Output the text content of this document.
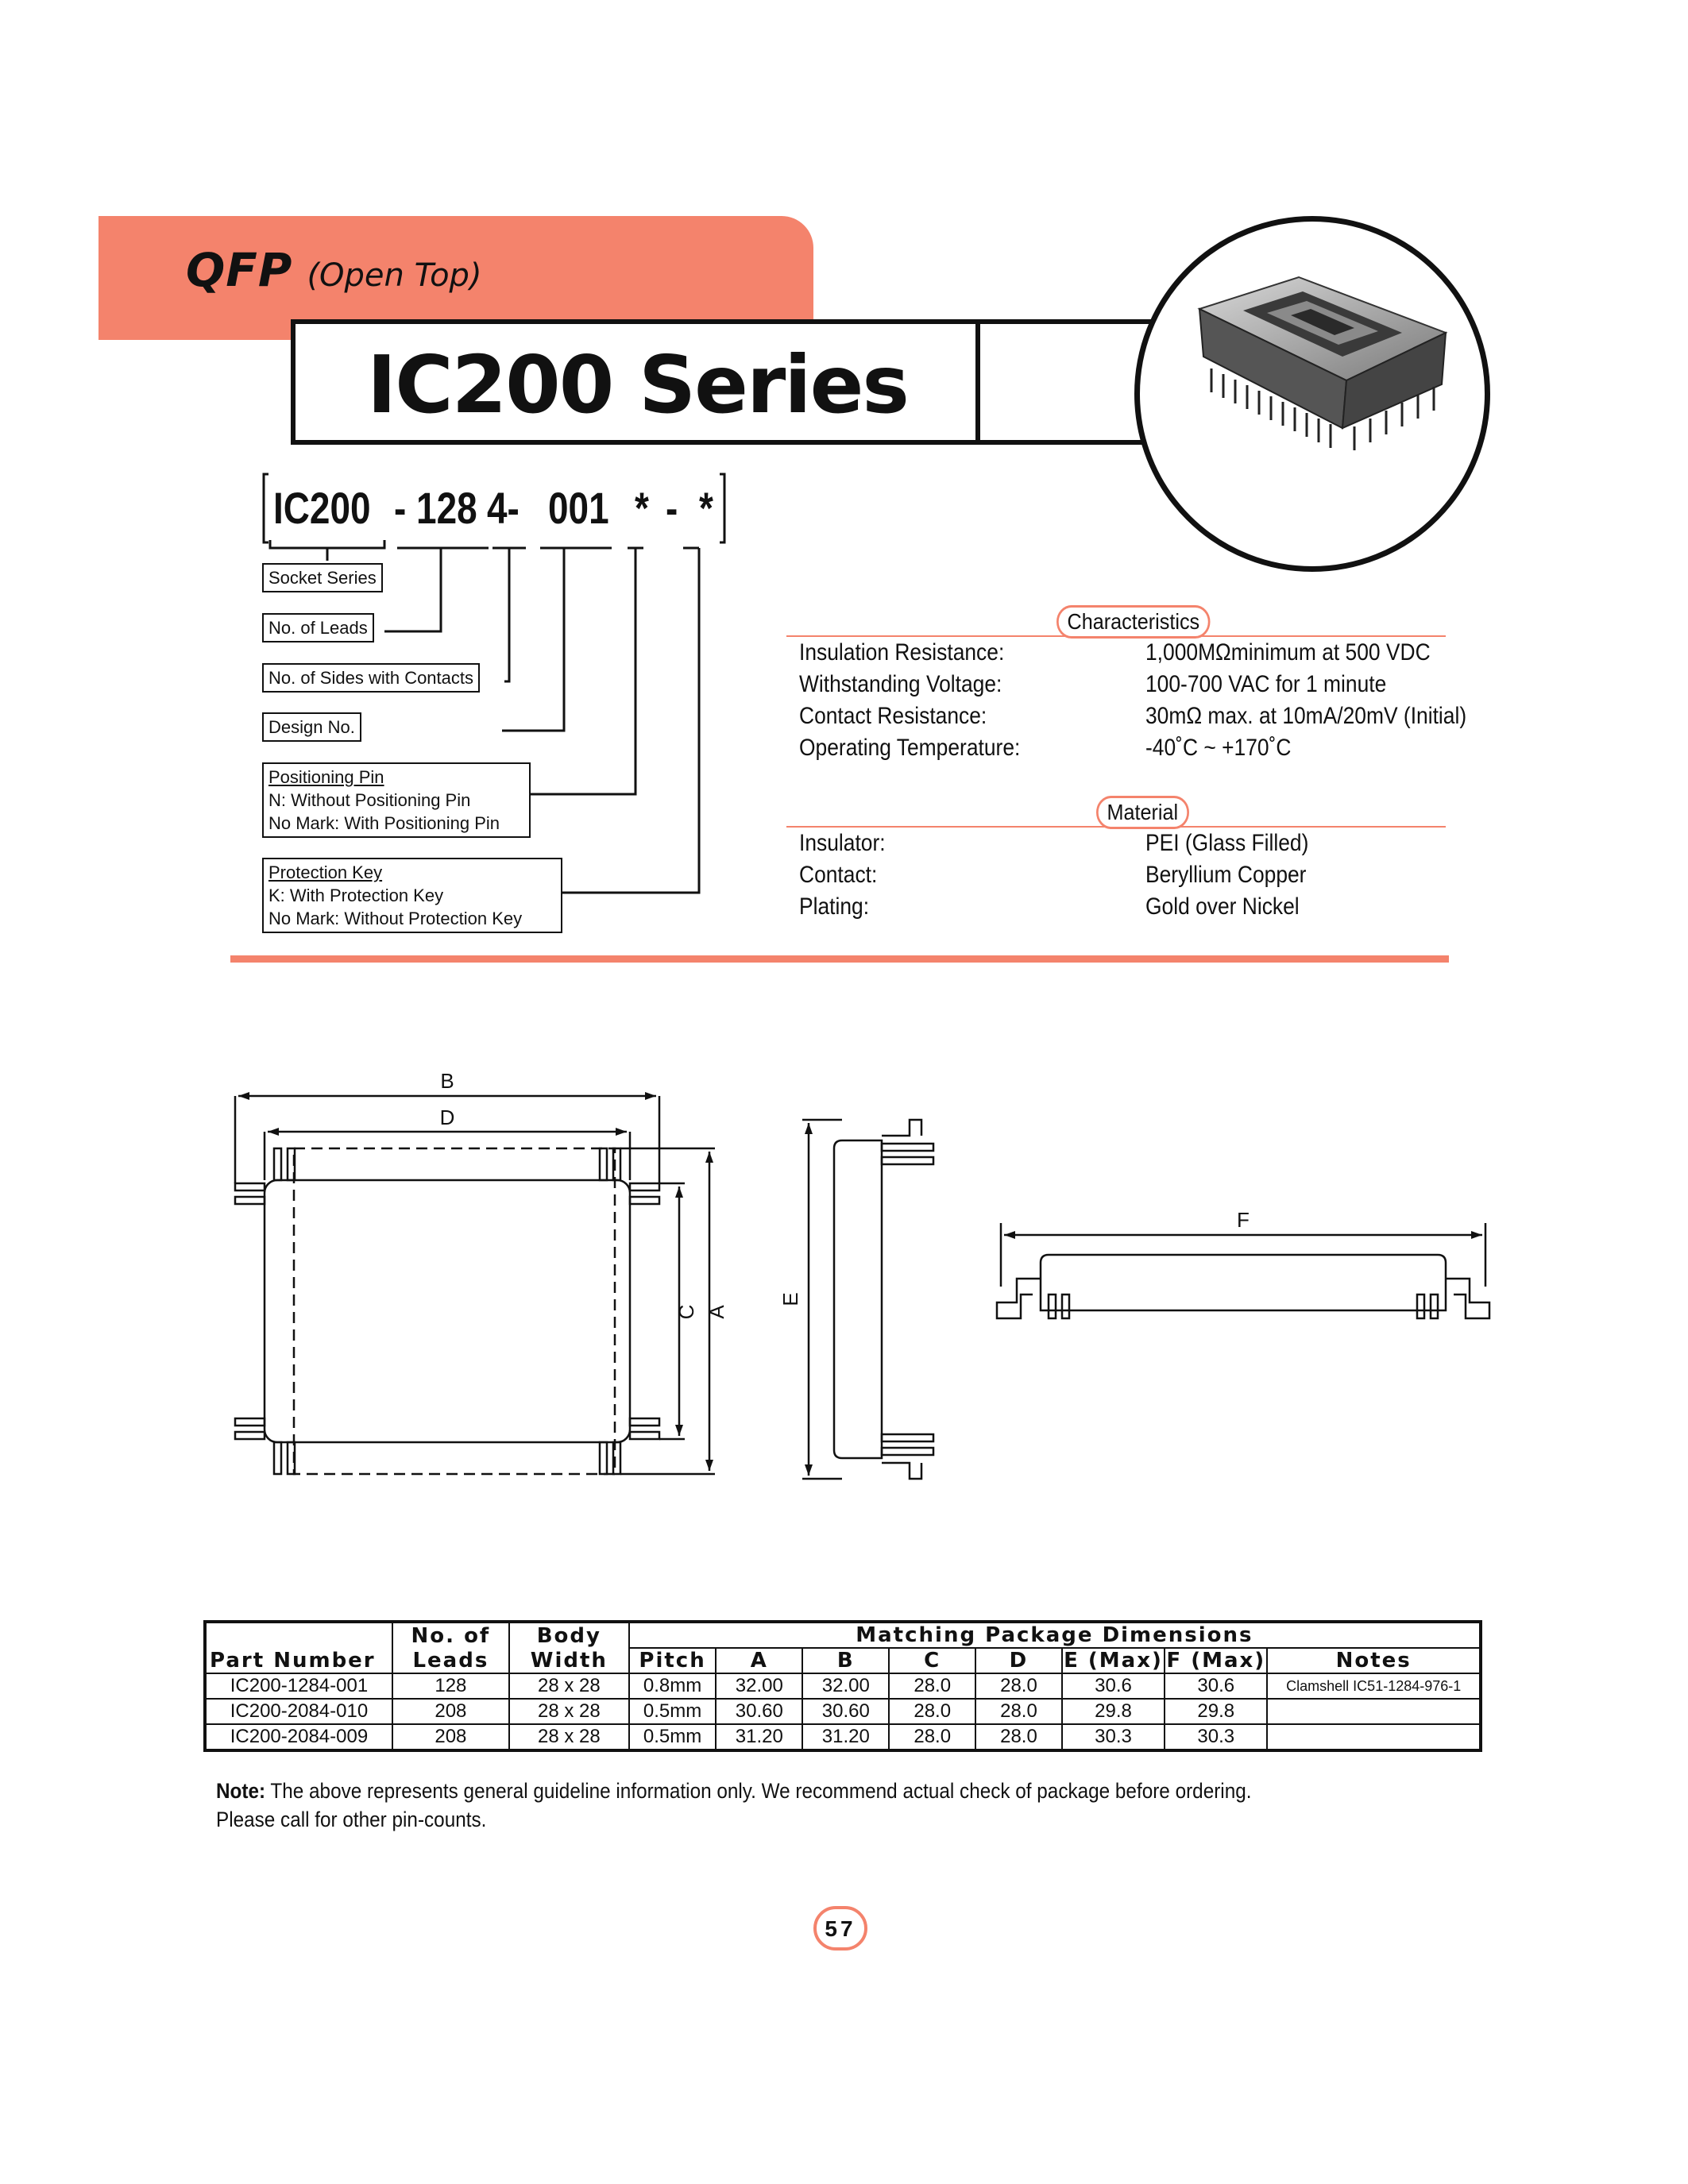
QFP (Open Top)
IC200 Series
IC200 - 128 4- 001 * - *
Socket Series
No. of Leads
No. of Sides with Contacts
Design No.
Positioning Pin
N: Without Positioning Pin
No Mark: With Positioning Pin
Protection Key
K: With Protection Key
No Mark: Without Protection Key
Characteristics
Insulation Resistance:	1,000MΩminimum at 500 VDC
Withstanding Voltage:	100-700 VAC for 1 minute
Contact Resistance:	30mΩ max. at 10mA/20mV (Initial)
Operating Temperature:	-40˚C ~ +170˚C
Material
Insulator:	PEI (Glass Filled)
Contact:	Beryllium Copper
Plating:	Gold over Nickel
B
D
C A
E
F
	No. of	Body	Matching Package Dimensions							
Part Number	Leads	Width	Pitch	A	B	C	D	E (Max)	F (Max)	Notes
IC200-1284-001	128	28 x 28	0.8mm	32.00	32.00	28.0	28.0	30.6	30.6	Clamshell IC51-1284-976-1
IC200-2084-010	208	28 x 28	0.5mm	30.60	30.60	28.0	28.0	29.8	29.8	
IC200-2084-009	208	28 x 28	0.5mm	31.20	31.20	28.0	28.0	30.3	30.3	
Note: The above represents general guideline information only. We recommend actual check of package before ordering.
Please call for other pin-counts.
57
